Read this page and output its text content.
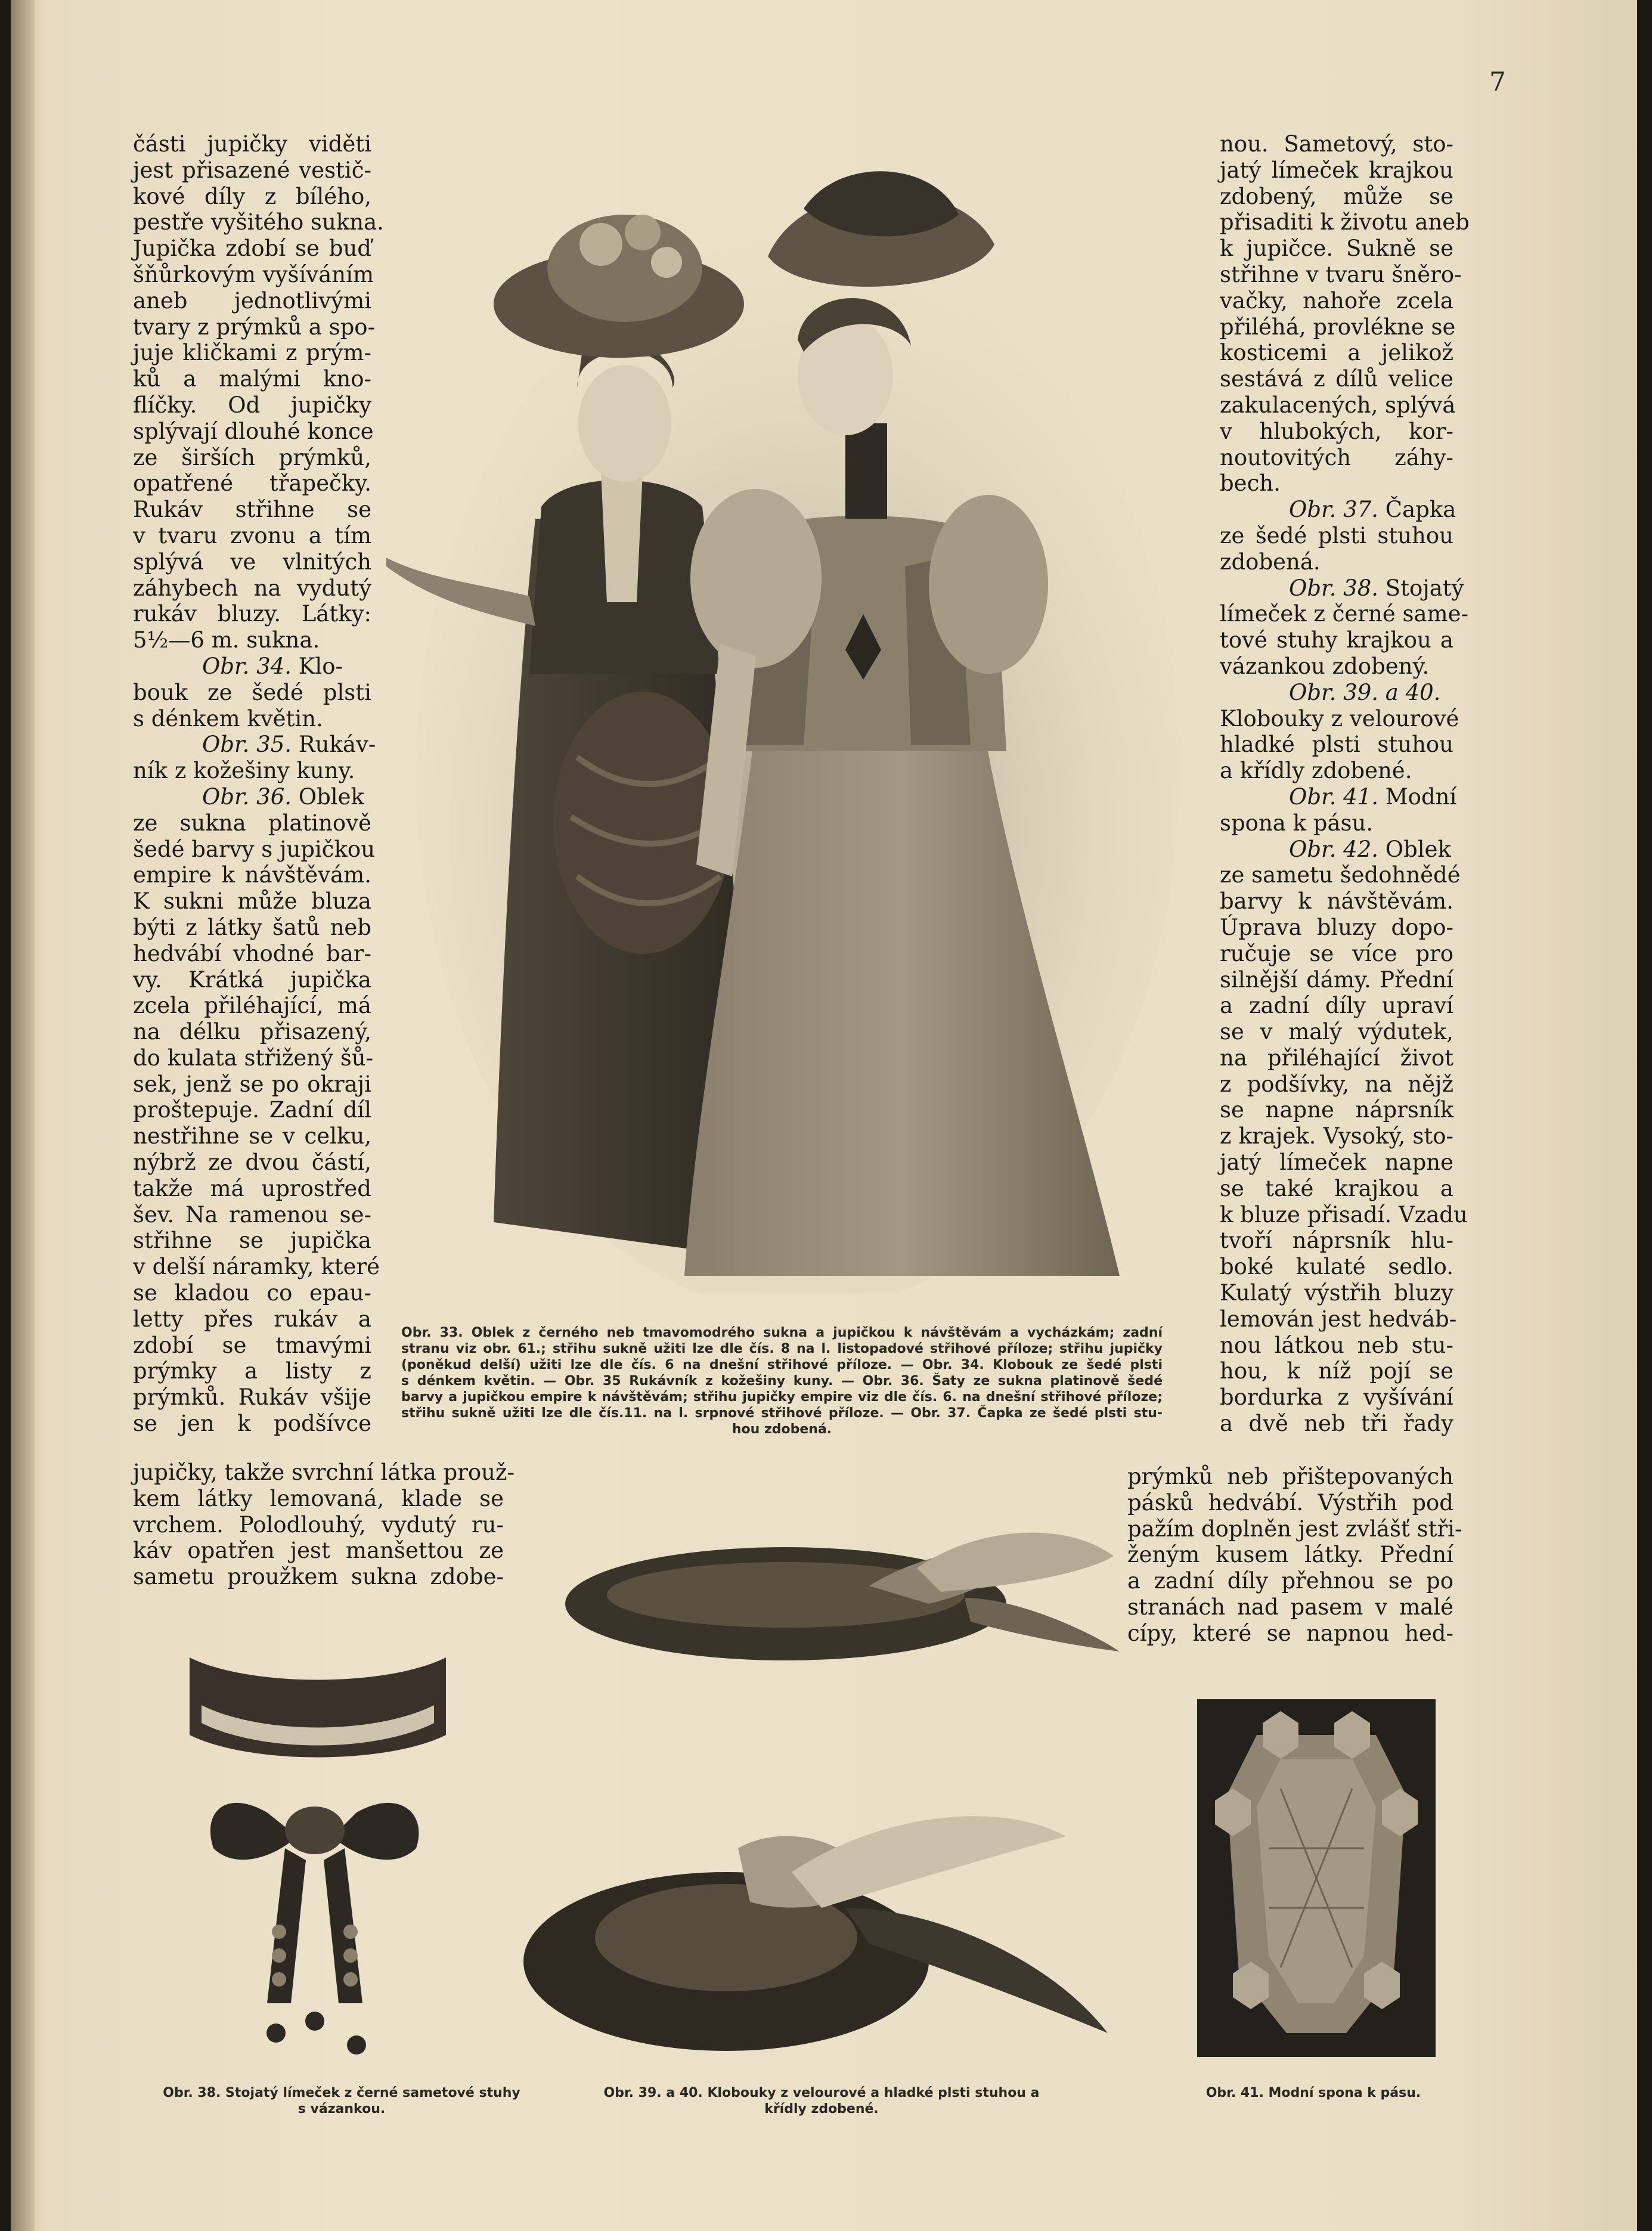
7
části jupičky viděti
jest přisazené vestič-
kové díly z bílého,
pestře vyšitého sukna.
Jupička zdobí se buď
šňůrkovým vyšíváním
aneb jednotlivými
tvary z prýmků a spo-
juje kličkami z prým-
ků a malými kno-
flíčky. Od jupičky
splývají dlouhé konce
ze širších prýmků,
opatřené třapečky.
Rukáv střihne se
v tvaru zvonu a tím
splývá ve vlnitých
záhybech na vydutý
rukáv bluzy. Látky:
5½—6 m. sukna.
Obr. 34. Klo-
bouk ze šedé plsti
s dénkem květin.
Obr. 35. Rukáv-
ník z kožešiny kuny.
Obr. 36. Oblek
ze sukna platinově
šedé barvy s jupičkou
empire k návštěvám.
K sukni může bluza
býti z látky šatů neb
hedvábí vhodné bar-
vy. Krátká jupička
zcela přiléhající, má
na délku přisazený,
do kulata střižený šů-
sek, jenž se po okraji
proštepuje. Zadní díl
nestřihne se v celku,
nýbrž ze dvou částí,
takže má uprostřed
šev. Na ramenou se-
střihne se jupička
v delší náramky, které
se kladou co epau-
letty přes rukáv a
zdobí se tmavými
prýmky a listy z
prýmků. Rukáv všije
se jen k podšívce
jupičky, takže svrchní látka prouž-
kem látky lemovaná, klade se
vrchem. Polodlouhý, vydutý ru-
káv opatřen jest manšettou ze
sametu proužkem sukna zdobe-
nou. Sametový, sto-
jatý límeček krajkou
zdobený, může se
přisaditi k životu aneb
k jupičce. Sukně se
střihne v tvaru šněro-
vačky, nahoře zcela
přiléhá, provlékne se
kosticemi a jelikož
sestává z dílů velice
zakulacených, splývá
v hlubokých, kor-
noutovitých záhy-
bech.
Obr. 37. Čapka
ze šedé plsti stuhou
zdobená.
Obr. 38. Stojatý
límeček z černé same-
tové stuhy krajkou a
vázankou zdobený.
Obr. 39. a 40.
Klobouky z velourové
hladké plsti stuhou
a křídly zdobené.
Obr. 41. Modní
spona k pásu.
Obr. 42. Oblek
ze sametu šedohnědé
barvy k návštěvám.
Úprava bluzy dopo-
ručuje se více pro
silnější dámy. Přední
a zadní díly upraví
se v malý výdutek,
na přiléhající život
z podšívky, na nějž
se napne náprsník
z krajek. Vysoký, sto-
jatý límeček napne
se také krajkou a
k bluze přisadí. Vzadu
tvoří náprsník hlu-
boké kulaté sedlo.
Kulatý výstřih bluzy
lemován jest hedváb-
nou látkou neb stu-
hou, k níž pojí se
bordurka z vyšívání
a dvě neb tři řady
prýmků neb přištepovaných
pásků hedvábí. Výstřih pod
pažím doplněn jest zvlášť stři-
ženým kusem látky. Přední
a zadní díly přehnou se po
stranách nad pasem v malé
cípy, které se napnou hed-
Obr. 33. Oblek z černého neb tmavomodrého sukna a jupičkou k návštěvám a vycházkám; zadní
stranu viz obr. 61.; střihu sukně užiti lze dle čís. 8 na l. listopadové střihové příloze; střihu jupičky
(poněkud delší) užiti lze dle čís. 6 na dnešní střihové příloze. — Obr. 34. Klobouk ze šedé plsti
s dénkem květin. — Obr. 35 Rukávník z kožešiny kuny. — Obr. 36. Šaty ze sukna platinově šedé
barvy a jupičkou empire k návštěvám; střihu jupičky empire viz dle čís. 6. na dnešní střihové příloze;
střihu sukně užiti lze dle čís.11. na l. srpnové střihové příloze. — Obr. 37. Čapka ze šedé plsti stu-
hou zdobená.
Obr. 38. Stojatý límeček z černé sametové stuhy
s vázankou.
Obr. 39. a 40. Klobouky z velourové a hladké plsti stuhou a
křídly zdobené.
Obr. 41. Modní spona k pásu.
